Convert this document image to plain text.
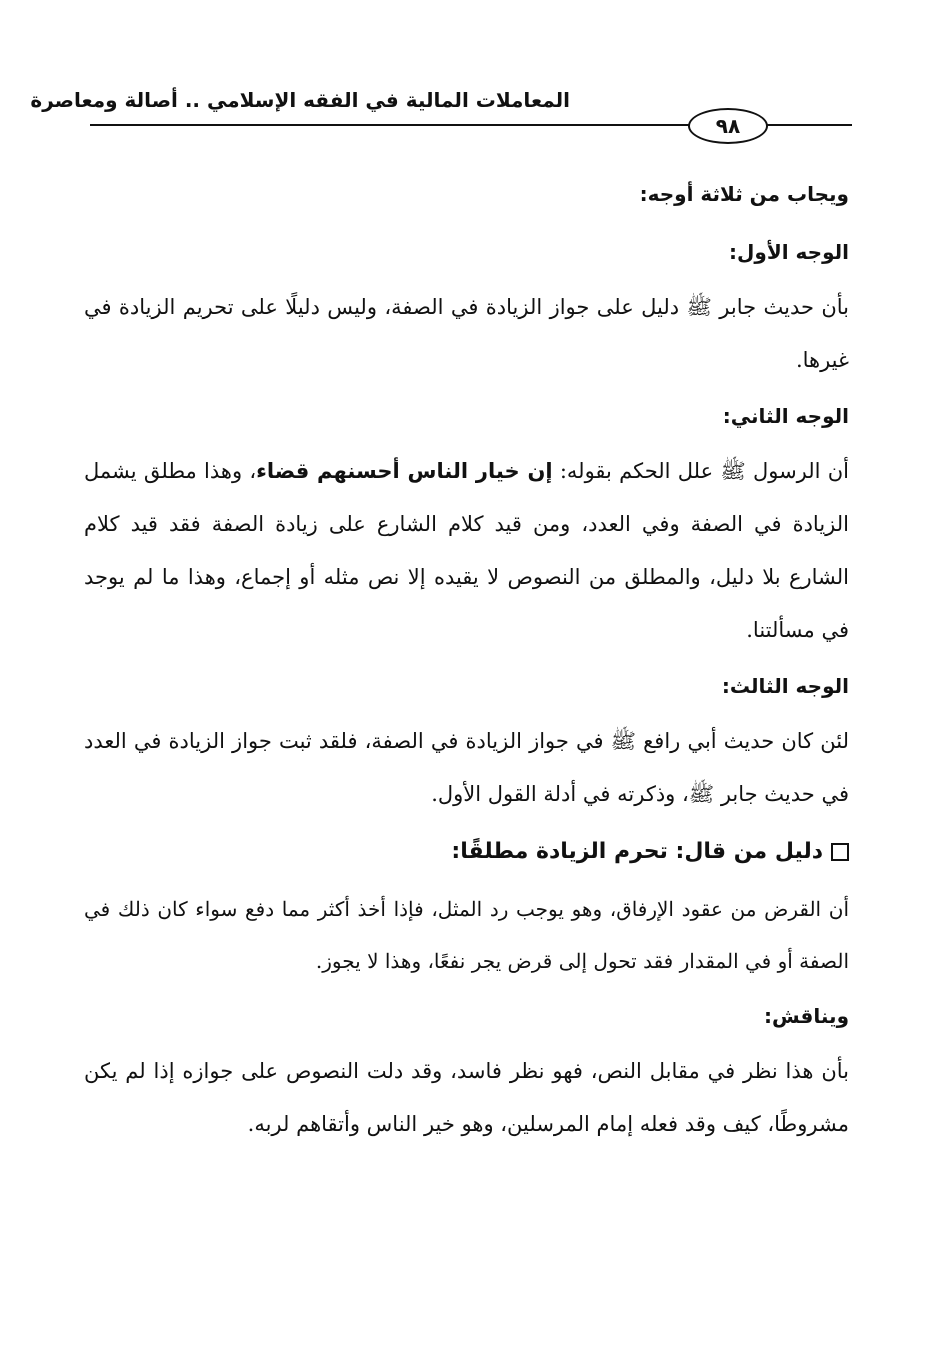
المعاملات المالية في الفقه الإسلامي .. أصالة ومعاصرة
٩٨

ويجاب من ثلاثة أوجه:

الوجه الأول:

بأن حديث جابر ﷺ دليل على جواز الزيادة في الصفة، وليس دليلًا على تحريم الزيادة في غيرها.

الوجه الثاني:

أن الرسول ﷺ علل الحكم بقوله: إن خيار الناس أحسنهم قضاء، وهذا مطلق يشمل الزيادة في الصفة وفي العدد، ومن قيد كلام الشارع على زيادة الصفة فقد قيد كلام الشارع بلا دليل، والمطلق من النصوص لا يقيده إلا نص مثله أو إجماع، وهذا ما لم يوجد في مسألتنا.

الوجه الثالث:

لئن كان حديث أبي رافع ﷺ في جواز الزيادة في الصفة، فلقد ثبت جواز الزيادة في العدد في حديث جابر ﷺ، وذكرته في أدلة القول الأول.

دليل من قال: تحرم الزيادة مطلقًا:

أن القرض من عقود الإرفاق، وهو يوجب رد المثل، فإذا أخذ أكثر مما دفع سواء كان ذلك في الصفة أو في المقدار فقد تحول إلى قرض يجر نفعًا، وهذا لا يجوز.

ويناقش:

بأن هذا نظر في مقابل النص، فهو نظر فاسد، وقد دلت النصوص على جوازه إذا لم يكن مشروطًا، كيف وقد فعله إمام المرسلين، وهو خير الناس وأتقاهم لربه.
